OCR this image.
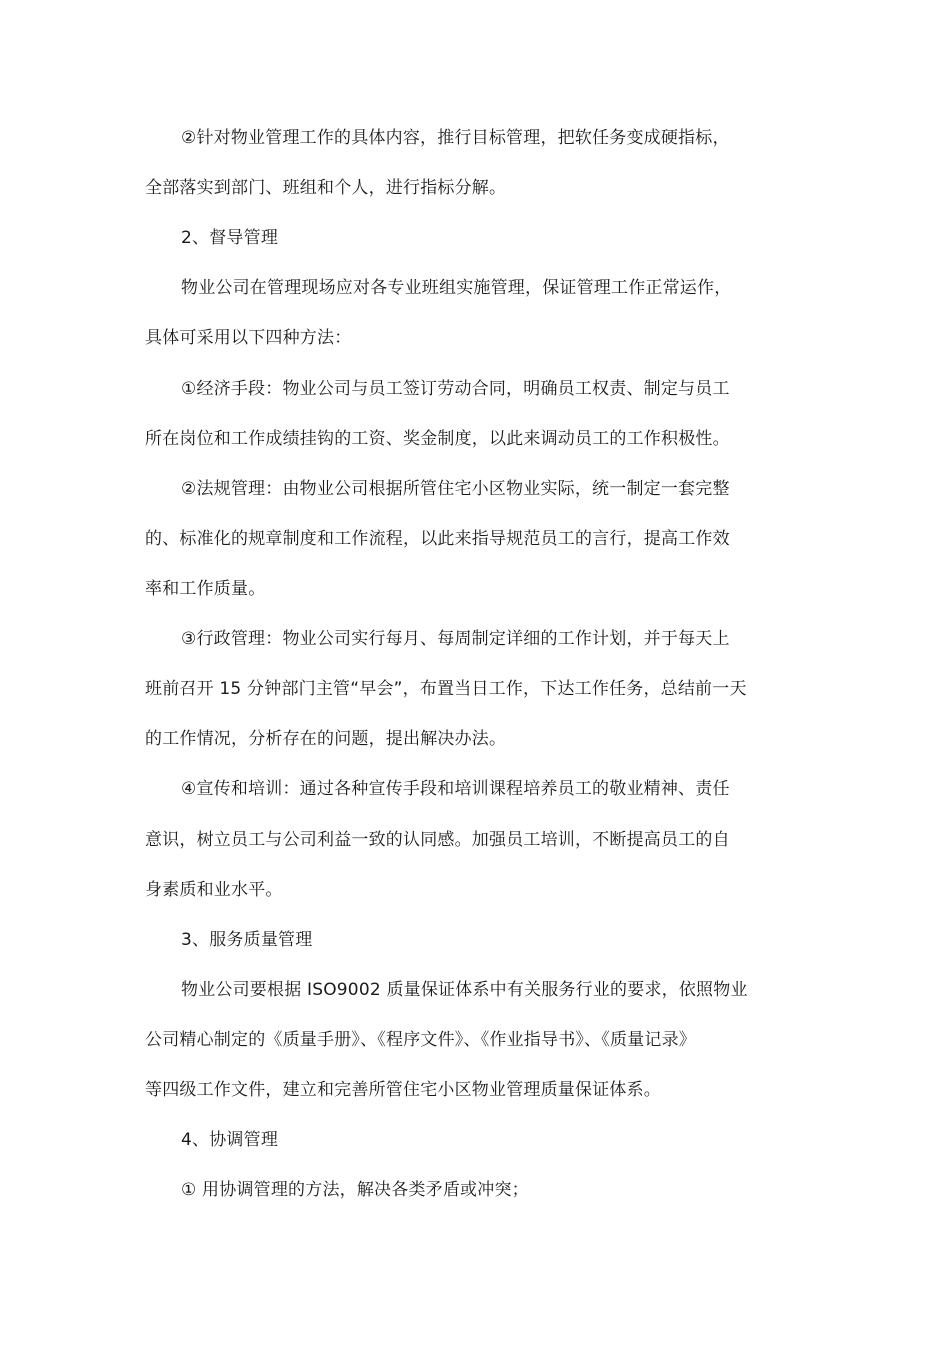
②针对物业管理工作的具体内容，推行目标管理，把软任务变成硬指标，
全部落实到部门、班组和个人，进行指标分解。
2、督导管理
物业公司在管理现场应对各专业班组实施管理，保证管理工作正常运作，
具体可采用以下四种方法：
①经济手段：物业公司与员工签订劳动合同，明确员工权责、制定与员工
所在岗位和工作成绩挂钩的工资、奖金制度，以此来调动员工的工作积极性。
②法规管理：由物业公司根据所管住宅小区物业实际，统一制定一套完整
的、标准化的规章制度和工作流程，以此来指导规范员工的言行，提高工作效
率和工作质量。
③行政管理：物业公司实行每月、每周制定详细的工作计划，并于每天上
班前召开 15 分钟部门主管“早会”，布置当日工作，下达工作任务，总结前一天
的工作情况，分析存在的问题，提出解决办法。
④宣传和培训：通过各种宣传手段和培训课程培养员工的敬业精神、责任
意识，树立员工与公司利益一致的认同感。加强员工培训，不断提高员工的自
身素质和业水平。
3、服务质量管理
物业公司要根据 ISO9002 质量保证体系中有关服务行业的要求，依照物业
公司精心制定的《质量手册》、《程序文件》、《作业指导书》、《质量记录》
等四级工作文件，建立和完善所管住宅小区物业管理质量保证体系。
4、协调管理
① 用协调管理的方法，解决各类矛盾或冲突；
